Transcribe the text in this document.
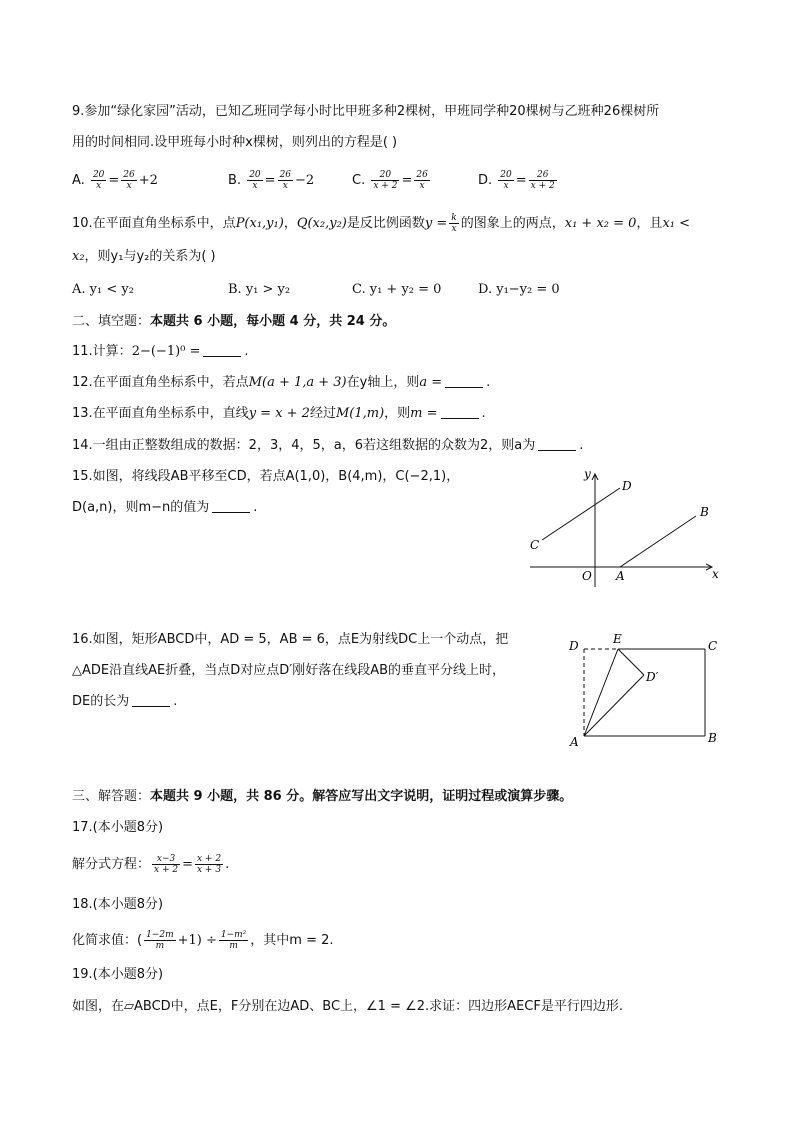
9.参加“绿化家园”活动，已知乙班同学每小时比甲班多种2棵树，甲班同学种20棵树与乙班种26棵树所
用的时间相同.设甲班每小时种x棵树，则列出的方程是( )
A. $\frac{20}{x} = \frac{26}{x} +2$	B. $\frac{20}{x} = \frac{26}{x} -2$	C. $\frac{20}{x + 2} = \frac{26}{x}$	D. $\frac{20}{x} = \frac{26}{x + 2}$
10.在平面直角坐标系中，点P(x₁,y₁)，Q(x₂,y₂)是反比例函数$y = \frac{k}{x}$ 的图象上的两点，x₁ + x₂ = 0，且x₁ <
x₂，则y₁与y₂的关系为( )
A. y₁ < y₂	B. y₁ > y₂	C. y₁ + y₂ = 0	D. y₁−y₂ = 0
二、填空题：本题共 6 小题，每小题 4 分，共 24 分。
11.计算：2−(−1)⁰ =	.
12.在平面直角坐标系中，若点M(a + 1,a + 3)在y轴上，则a =	.
13.在平面直角坐标系中，直线y = x + 2经过M(1,m)，则m =	.
14.一组由正整数组成的数据：2，3，4，5，a，6若这组数据的众数为2，则a为	.
15.如图，将线段AB平移至CD，若点A(1,0)，B(4,m)，C(−2,1)，
D(a,n)，则m−n的值为	.
y
x
O A
B
C
D
16.如图，矩形ABCD中，AD = 5，AB = 6，点E为射线DC上一个动点，把
△ADE沿直线AE折叠，当点D对应点D′刚好落在线段AB的垂直平分线上时，
DE的长为	.
D	E	C
D′
A	B
三、解答题：本题共 9 小题，共 86 分。解答应写出文字说明，证明过程或演算步骤。
17.(本小题8分)
解分式方程： $\frac{x-3}{x + 2} = \frac{x + 2}{x + 3}$ .
18.(本小题8分)
化简求值：( $\frac{1-2m}{m} +1) \div \frac{\text{1−m²}}{m}$ ，其中m = 2.
19.(本小题8分)
如图，在▱ABCD中，点E，F分别在边AD、BC上，∠1 = ∠2.求证：四边形AECF是平行四边形.
